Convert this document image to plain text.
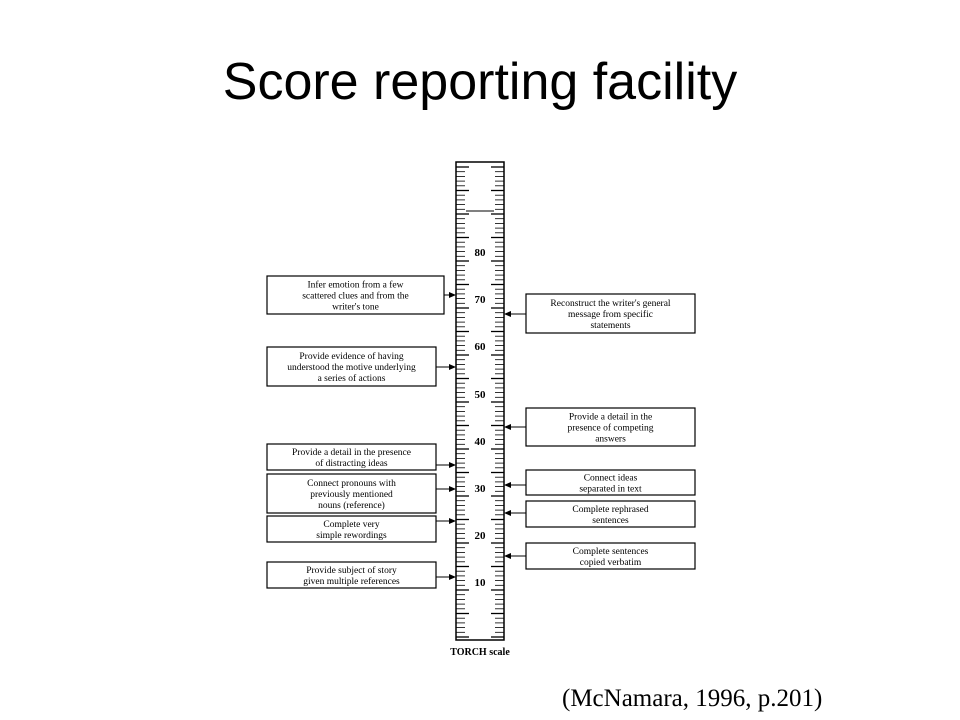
Score reporting facility
80
70
60
50
40
30
20
10
TORCH scale
Infer emotion from a few
scattered clues and from the
writer's tone
Provide evidence of having
understood the motive underlying
a series of actions
Provide a detail in the presence
of distracting ideas
Connect pronouns with
previously mentioned
nouns (reference)
Complete very
simple rewordings
Provide subject of story
given multiple references
Reconstruct the writer's general
message from specific
statements
Provide a detail in the
presence of competing
answers
Connect ideas
separated in text
Complete rephrased
sentences
Complete sentences
copied verbatim
(McNamara, 1996, p.201)
